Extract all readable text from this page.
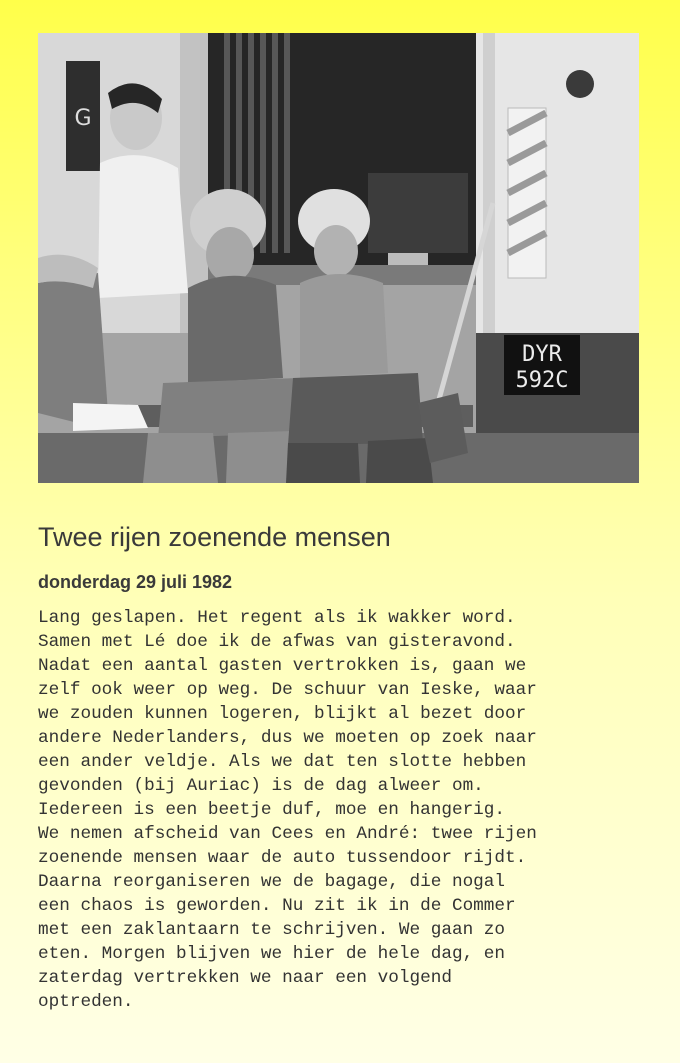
G
DYR
592C
Twee rijen zoenende mensen

donderdag 29 juli 1982

Lang geslapen. Het regent als ik wakker word.
Samen met Lé doe ik de afwas van gisteravond.
Nadat een aantal gasten vertrokken is, gaan we
zelf ook weer op weg. De schuur van Ieske, waar
we zouden kunnen logeren, blijkt al bezet door
andere Nederlanders, dus we moeten op zoek naar
een ander veldje. Als we dat ten slotte hebben
gevonden (bij Auriac) is de dag alweer om.
Iedereen is een beetje duf, moe en hangerig.
We nemen afscheid van Cees en André: twee rijen
zoenende mensen waar de auto tussendoor rijdt.
Daarna reorganiseren we de bagage, die nogal
een chaos is geworden. Nu zit ik in de Commer
met een zaklantaarn te schrijven. We gaan zo
eten. Morgen blijven we hier de hele dag, en
zaterdag vertrekken we naar een volgend
optreden.
